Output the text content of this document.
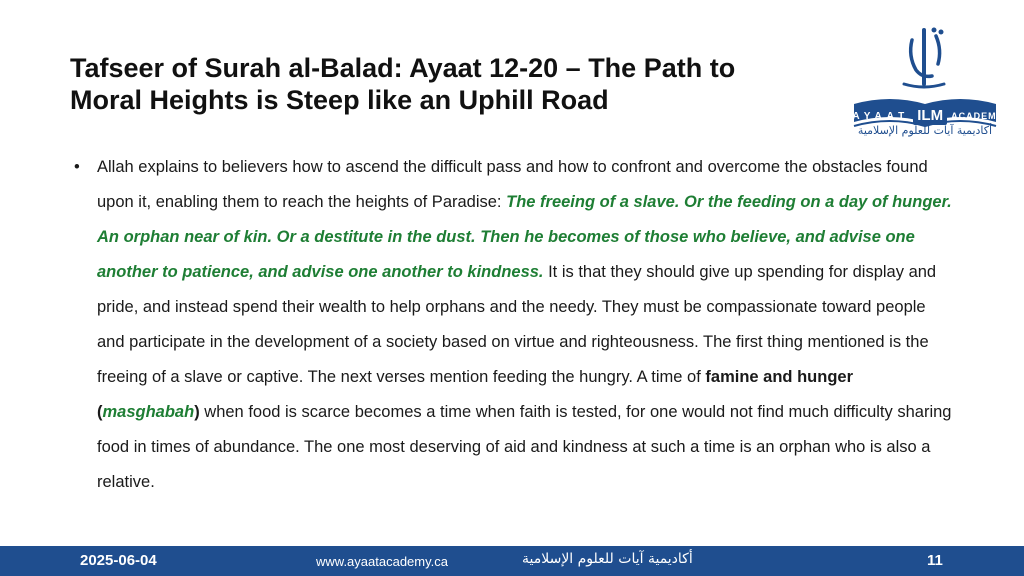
Tafseer of Surah al-Balad: Ayaat 12-20 – The Path to
Moral Heights is Steep like an Uphill Road
AYAAT ILM ACADEMY
أكاديمية آيات للعلوم الإسلامية
• Allah explains to believers how to ascend the difficult pass and how to confront and overcome the obstacles found upon it, enabling them to reach the heights of Paradise: The freeing of a slave. Or the feeding on a day of hunger. An orphan near of kin. Or a destitute in the dust. Then he becomes of those who believe, and advise one another to patience, and advise one another to kindness. It is that they should give up spending for display and pride, and instead spend their wealth to help orphans and the needy. They must be compassionate toward people and participate in the development of a society based on virtue and righteousness. The first thing mentioned is the freeing of a slave or captive. The next verses mention feeding the hungry. A time of famine and hunger (masghabah) when food is scarce becomes a time when faith is tested, for one would not find much difficulty sharing food in times of abundance. The one most deserving of aid and kindness at such a time is an orphan who is also a relative.
2025-06-04	www.ayaatacademy.ca	أكاديمية آيات للعلوم الإسلامية	11
